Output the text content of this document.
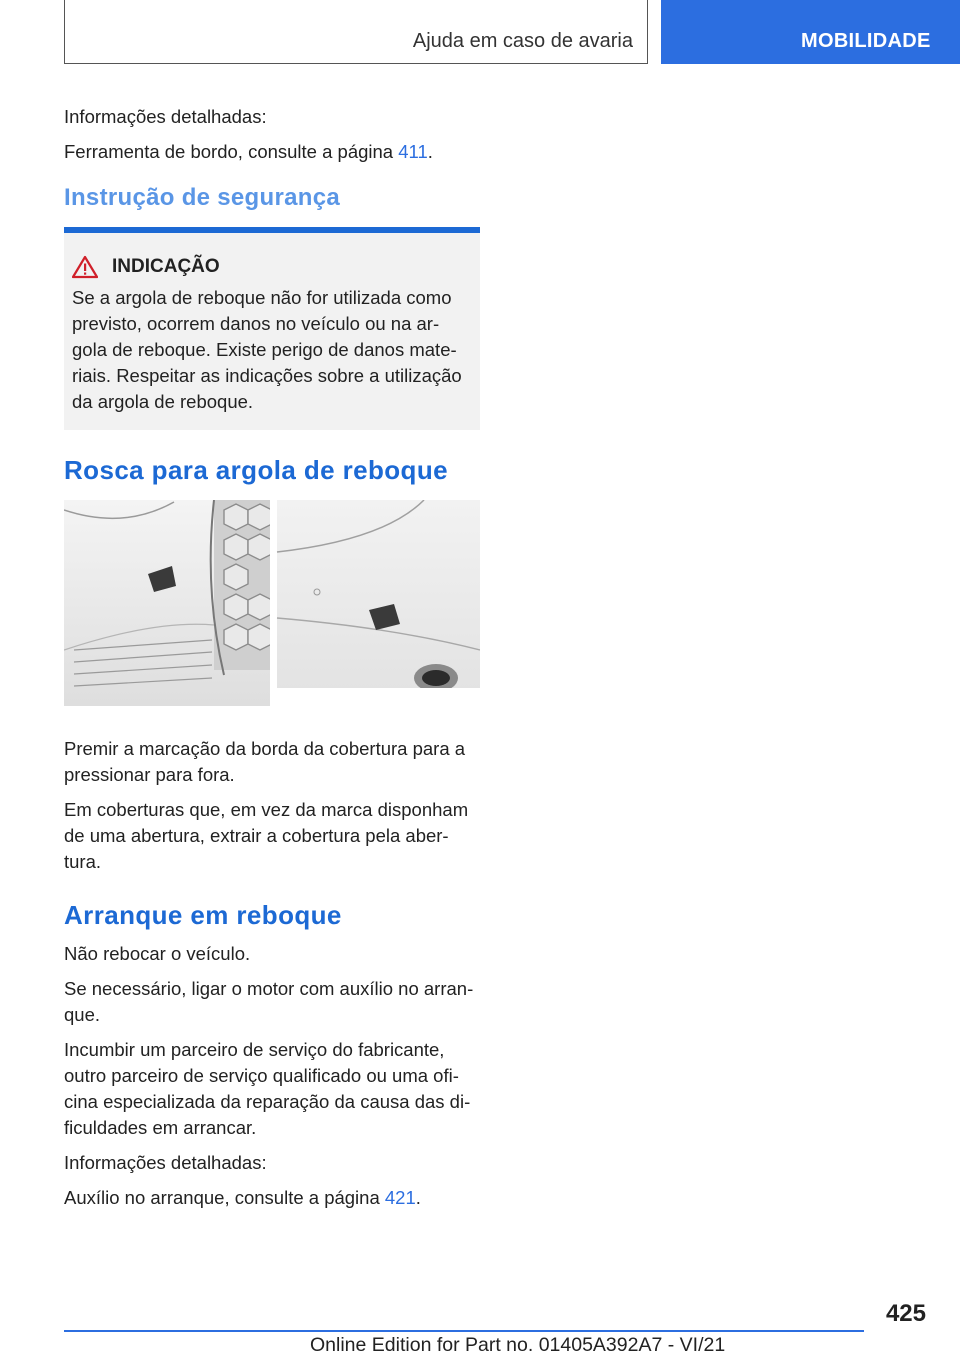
Ajuda em caso de avaria	MOBILIDADE

Informações detalhadas:

Ferramenta de bordo, consulte a página 411.

Instrução de segurança
INDICAÇÃO

Se a argola de reboque não for utilizada como previsto, ocorrem danos no veículo ou na ar-gola de reboque. Existe perigo de danos mate-riais. Respeitar as indicações sobre a utilização da argola de reboque.

Rosca para argola de reboque

Premir a marcação da borda da cobertura para a pressionar para fora.

Em coberturas que, em vez da marca disponham de uma abertura, extrair a cobertura pela aber-tura.

Arranque em reboque

Não rebocar o veículo.

Se necessário, ligar o motor com auxílio no arran-que.

Incumbir um parceiro de serviço do fabricante, outro parceiro de serviço qualificado ou uma ofi-cina especializada da reparação da causa das di-ficuldades em arrancar.

Informações detalhadas:

Auxílio no arranque, consulte a página 421.

425
Online Edition for Part no. 01405A392A7 - VI/21
